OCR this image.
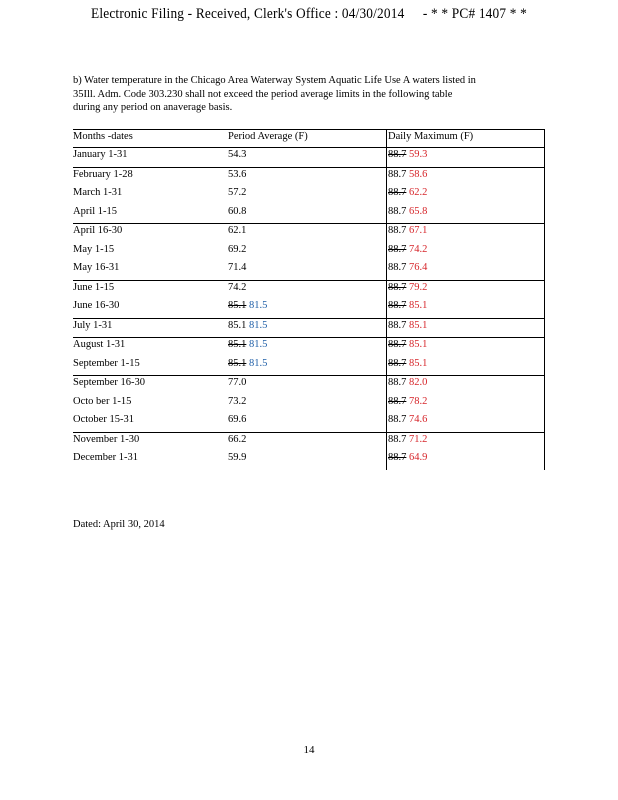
Electronic Filing - Received, Clerk's Office : 04/30/2014 - * * PC# 1407 * *
b) Water temperature in the Chicago Area Waterway System Aquatic Life Use A waters listed in
35Ill. Adm. Code 303.230 shall not exceed the period average limits in the following table
during any period on anaverage basis.
Months -dates	Period Average (F)	Daily Maximum (F)
January 1-31	54.3	88.7 59.3
February 1-28	53.6	88.7 58.6
March 1-31	57.2	88.7 62.2
April 1-15	60.8	88.7 65.8
April 16-30	62.1	88.7 67.1
May 1-15	69.2	88.7 74.2
May 16-31	71.4	88.7 76.4
June 1-15	74.2	88.7 79.2
June 16-30	85.1 81.5	88.7 85.1
July 1-31	85.1 81.5	88.7 85.1
August 1-31	85.1 81.5	88.7 85.1
September 1-15	85.1 81.5	88.7 85.1
September 16-30	77.0	88.7 82.0
Octo ber 1-15	73.2	88.7 78.2
October 15-31	69.6	88.7 74.6
November 1-30	66.2	88.7 71.2
December 1-31	59.9	88.7 64.9
Dated: April 30, 2014
14
